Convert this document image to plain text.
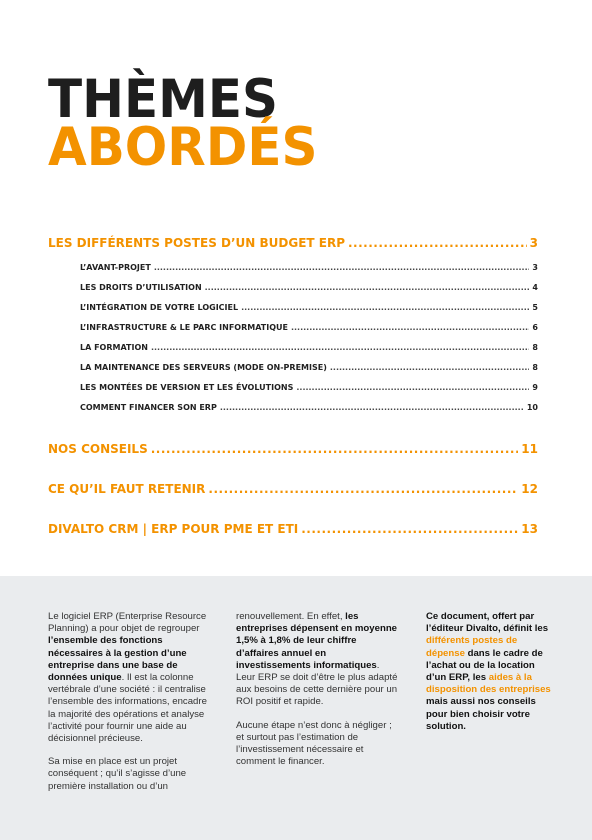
THÈMES
ABORDÉS
LES DIFFÉRENTS POSTES D’UN BUDGET ERP .....	3
L’AVANT-PROJET .....	3
LES DROITS D’UTILISATION .....	4
L’INTÉGRATION DE VOTRE LOGICIEL .....	5
L’INFRASTRUCTURE & LE PARC INFORMATIQUE .....	6
LA FORMATION .....	8
LA MAINTENANCE DES SERVEURS (MODE ON-PREMISE) .....	8
LES MONTÉES DE VERSION ET LES ÉVOLUTIONS .....	9
COMMENT FINANCER SON ERP .....	10
NOS CONSEILS .....	11
CE QU’IL FAUT RETENIR .....	12
DIVALTO CRM | ERP POUR PME ET ETI .....	13

Le logiciel ERP (Enterprise Resource Planning) a pour objet de regrouper l’ensemble des fonctions nécessaires à la gestion d’une entreprise dans une base de données unique. Il est la colonne vertébrale d’une société : il centralise l’ensemble des informations, encadre la majorité des opérations et analyse l’activité pour fournir une aide au décisionnel précieuse.

Sa mise en place est un projet conséquent ; qu’il s’agisse d’une première installation ou d’un

renouvellement. En effet, les entreprises dépensent en moyenne 1,5% à 1,8% de leur chiffre d’affaires annuel en investissements informatiques. Leur ERP se doit d’être le plus adapté aux besoins de cette dernière pour un ROI positif et rapide.

Aucune étape n’est donc à négliger ; et surtout pas l’estimation de l’investissement nécessaire et comment le financer.

Ce document, offert par l’éditeur Divalto, définit les différents postes de dépense dans le cadre de l’achat ou de la location d’un ERP, les aides à la disposition des entreprises mais aussi nos conseils pour bien choisir votre solution.
